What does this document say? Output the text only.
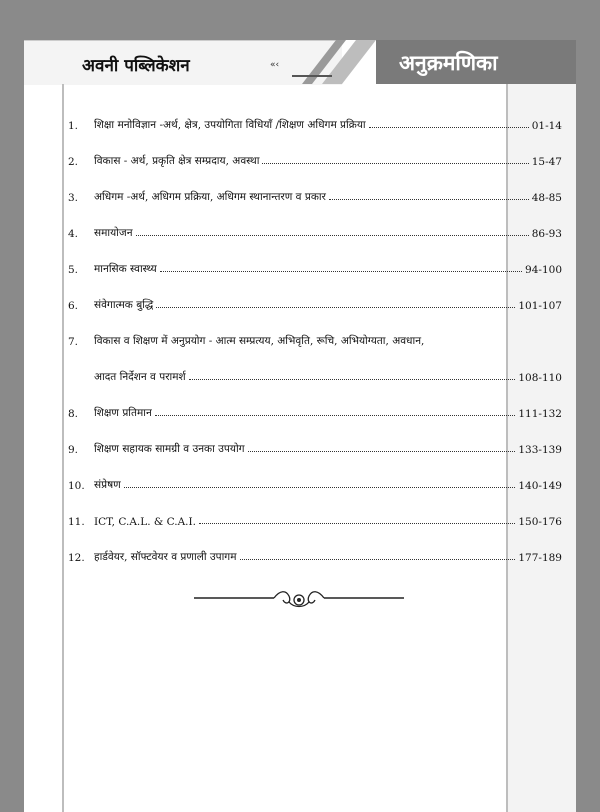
अवनी पब्लिकेशन	«‹	अनुक्रमणिका
1.	शिक्षा मनोविज्ञान -अर्थ, क्षेत्र, उपयोगिता विधियाँ /शिक्षण अधिगम प्रक्रिया	01-14
2.	विकास - अर्थ, प्रकृति क्षेत्र सम्प्रदाय, अवस्था	15-47
3.	अधिगम -अर्थ, अधिगम प्रक्रिया, अधिगम स्थानान्तरण व प्रकार	48-85
4.	समायोजन	86-93
5.	मानसिक स्वास्थ्य	94-100
6.	संवेगात्मक बुद्धि	101-107
7.	विकास व शिक्षण में अनुप्रयोग - आत्म सम्प्रत्यय, अभिवृति, रूचि, अभियोग्यता, अवधान,
आदत निर्देशन व परामर्श	108-110
8.	शिक्षण प्रतिमान	111-132
9.	शिक्षण सहायक सामग्री व उनका उपयोग	133-139
10. संप्रेषण	140-149
11. ICT, C.A.L. & C.A.I.	150-176
12. हार्डवेयर, सॉफ्टवेयर व प्रणाली उपागम	177-189
